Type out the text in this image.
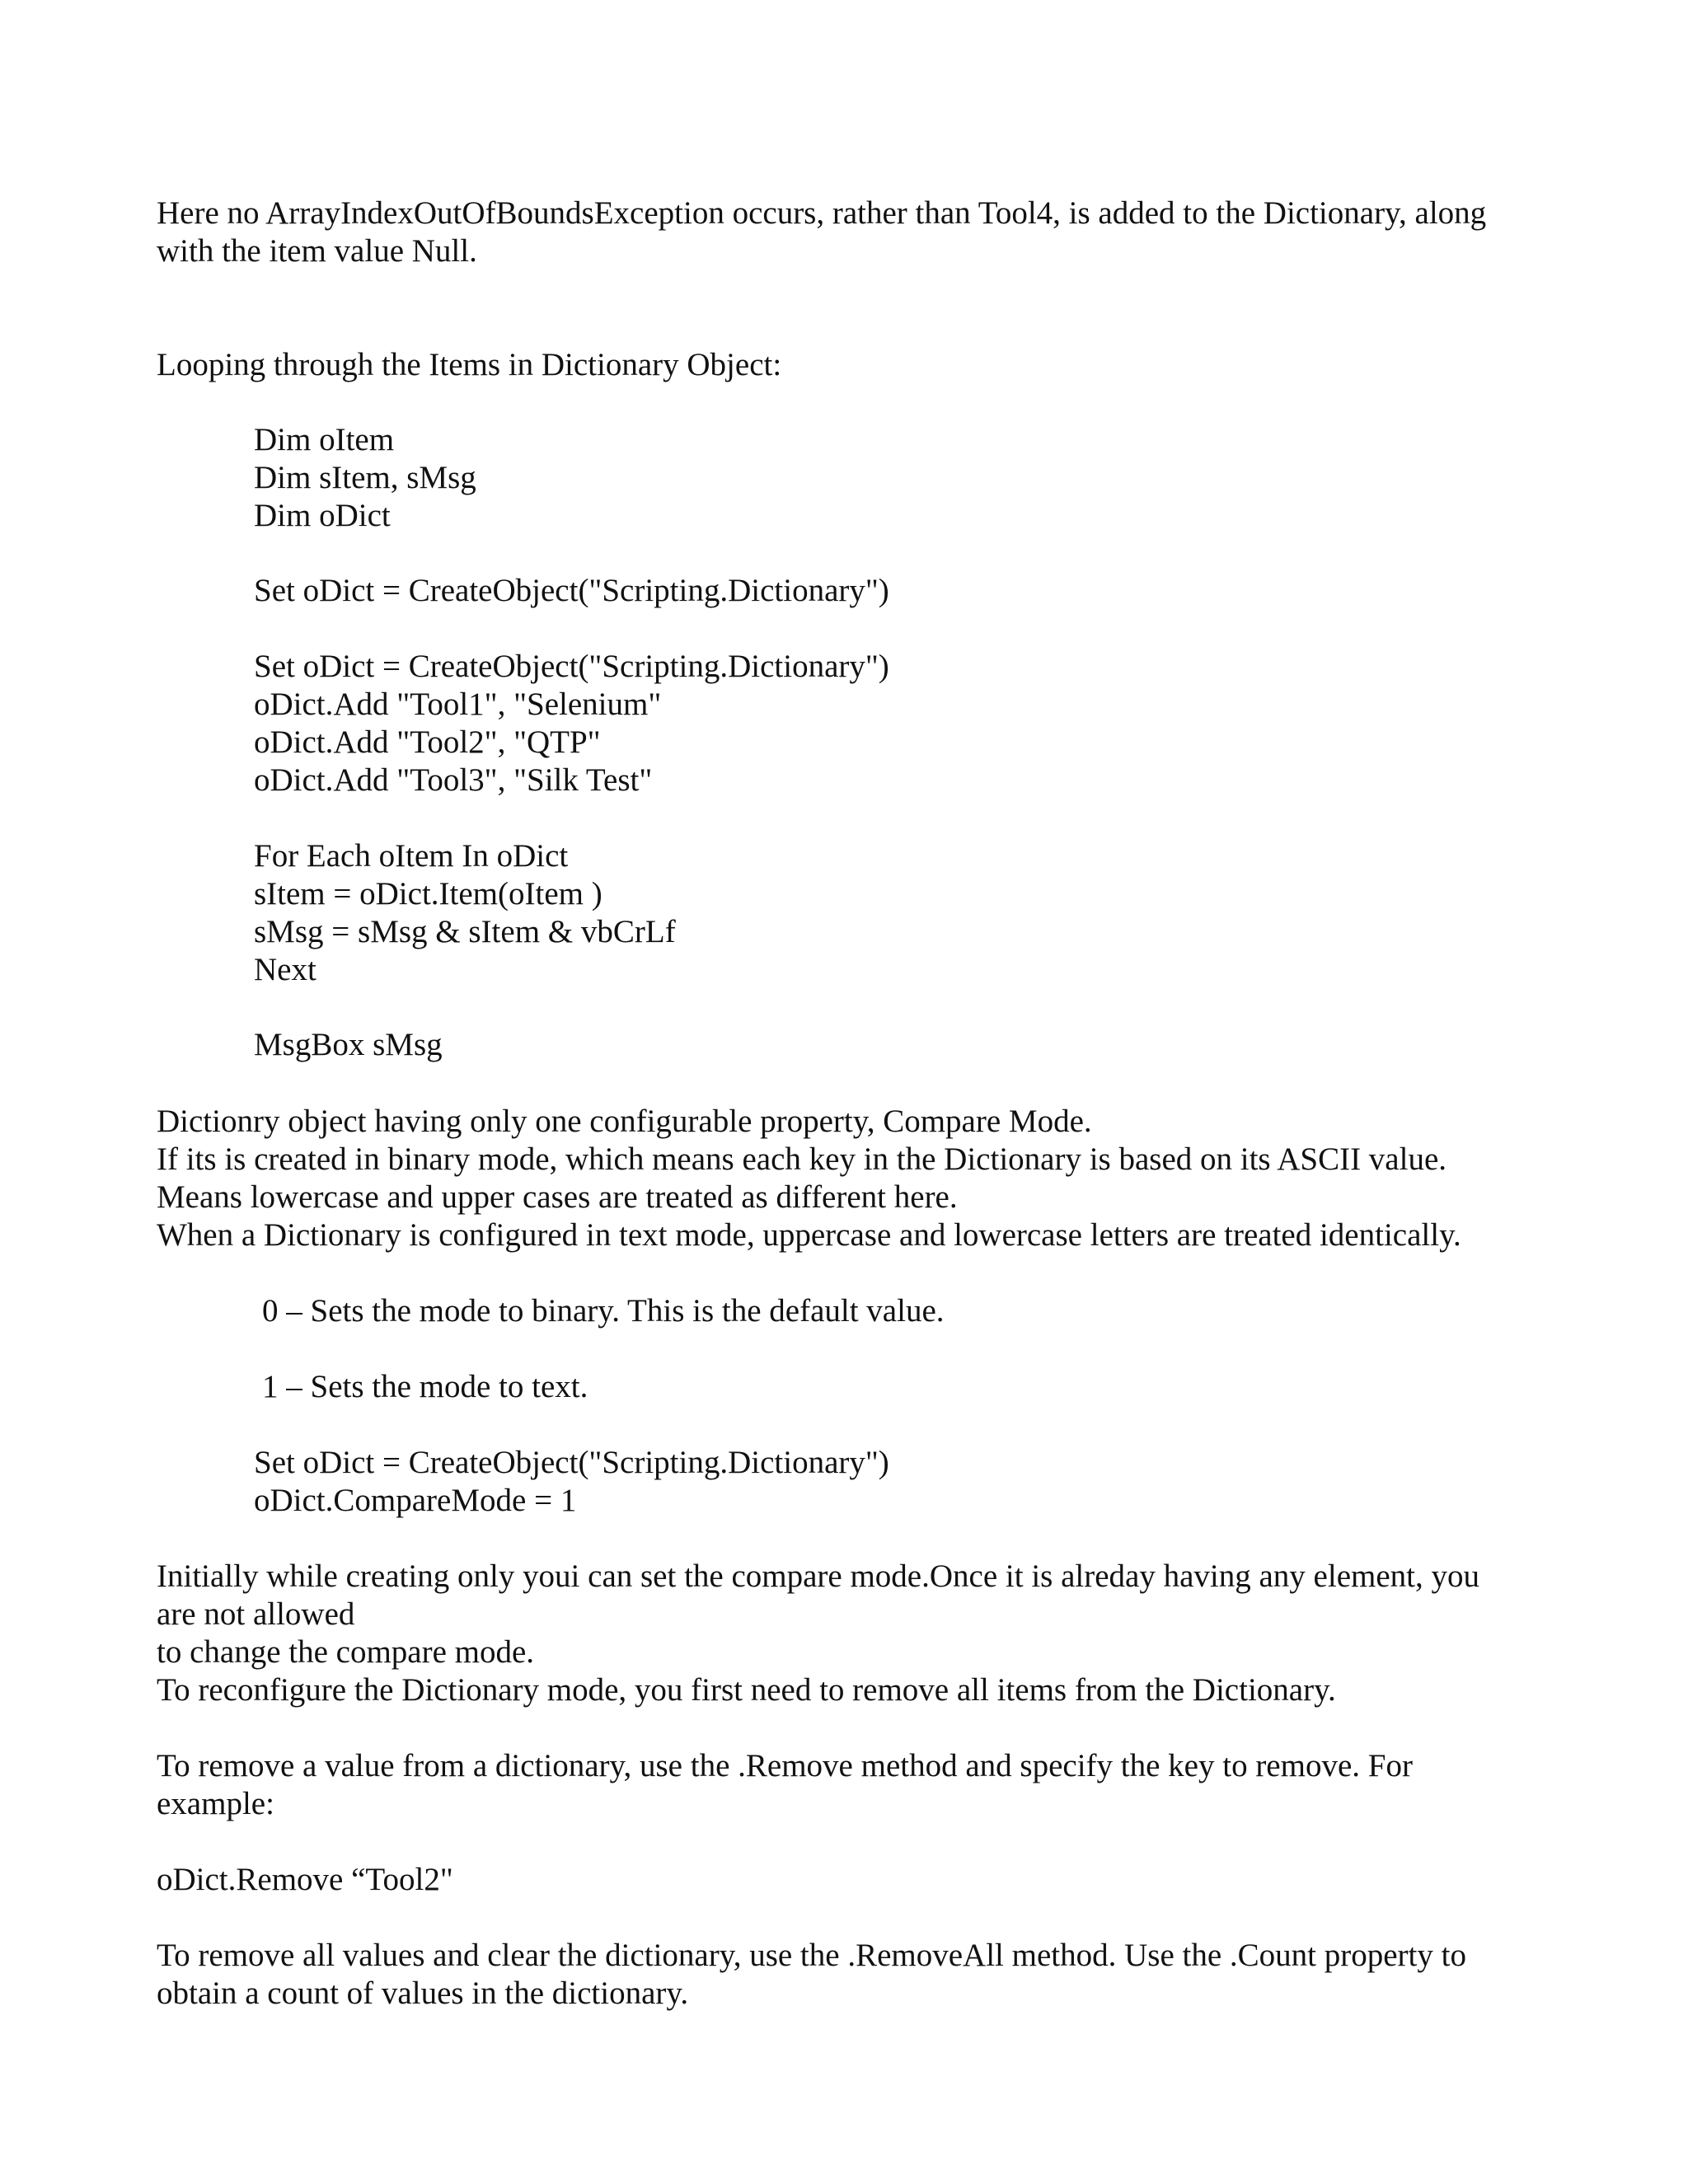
Here no ArrayIndexOutOfBoundsException occurs, rather than Tool4, is added to the Dictionary, along
with the item value Null.
Looping through the Items in Dictionary Object:
Dim oItem
Dim sItem, sMsg
Dim oDict
Set oDict = CreateObject("Scripting.Dictionary")
Set oDict = CreateObject("Scripting.Dictionary")
oDict.Add "Tool1", "Selenium"
oDict.Add "Tool2", "QTP"
oDict.Add "Tool3", "Silk Test"
For Each oItem In oDict
sItem = oDict.Item(oItem )
sMsg = sMsg & sItem & vbCrLf
Next
MsgBox sMsg
Dictionry object having only one configurable property, Compare Mode.
If its is created in binary mode, which means each key in the Dictionary is based on its ASCII value.
Means lowercase and upper cases are treated as different here.
When a Dictionary is configured in text mode, uppercase and lowercase letters are treated identically.
0 – Sets the mode to binary. This is the default value.
1 – Sets the mode to text.
Set oDict = CreateObject("Scripting.Dictionary")
oDict.CompareMode = 1
Initially while creating only youi can set the compare mode.Once it is alreday having any element, you
are not allowed
to change the compare mode.
To reconfigure the Dictionary mode, you first need to remove all items from the Dictionary.
To remove a value from a dictionary, use the .Remove method and specify the key to remove. For
example:
oDict.Remove “Tool2"
To remove all values and clear the dictionary, use the .RemoveAll method. Use the .Count property to
obtain a count of values in the dictionary.
